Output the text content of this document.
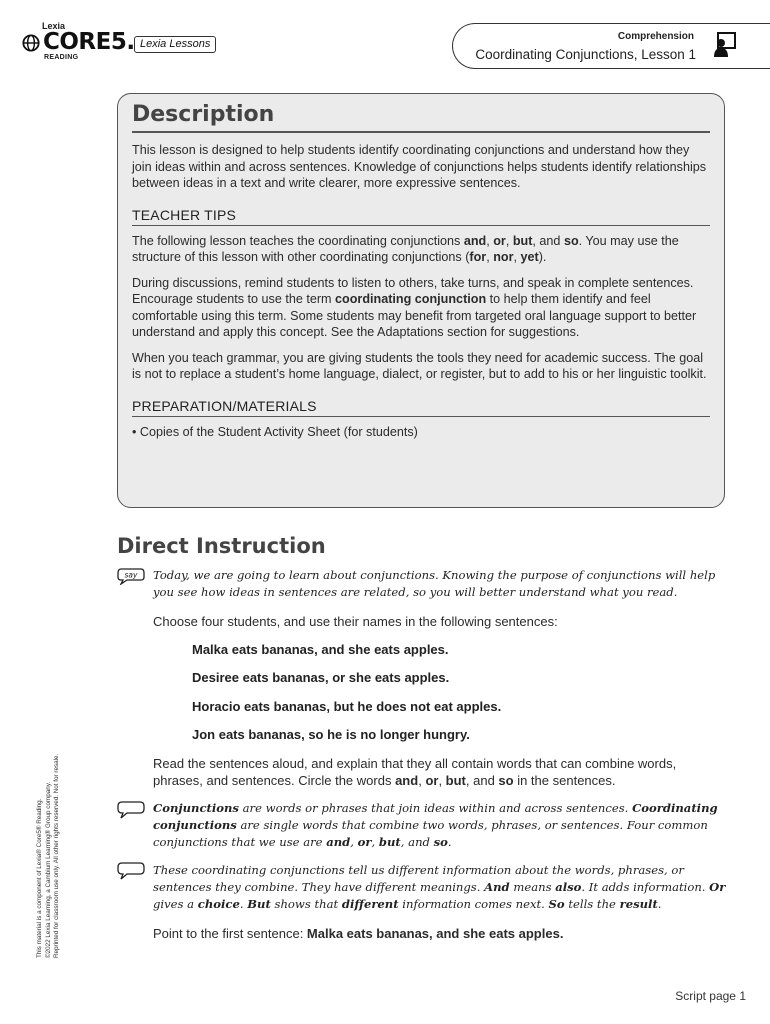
Lexia
CORE5.
READING
Lexia Lessons
Comprehension
Coordinating Conjunctions, Lesson 1
Description

This lesson is designed to help students identify coordinating conjunctions and understand how they join ideas within and across sentences. Knowledge of conjunctions helps students identify relationships between ideas in a text and write clearer, more expressive sentences.

TEACHER TIPS

The following lesson teaches the coordinating conjunctions and, or, but, and so. You may use the structure of this lesson with other coordinating conjunctions (for, nor, yet).

During discussions, remind students to listen to others, take turns, and speak in complete sentences. Encourage students to use the term coordinating conjunction to help them identify and feel comfortable using this term. Some students may benefit from targeted oral language support to better understand and apply this concept. See the Adaptations section for suggestions.

When you teach grammar, you are giving students the tools they need for academic success. The goal is not to replace a student’s home language, dialect, or register, but to add to his or her linguistic toolkit.

PREPARATION/MATERIALS

• Copies of the Student Activity Sheet (for students)

Direct Instruction
say Today, we are going to learn about conjunctions. Knowing the purpose of conjunctions will help you see how ideas in sentences are related, so you will better understand what you read.

Choose four students, and use their names in the following sentences:

Malka eats bananas, and she eats apples.
Desiree eats bananas, or she eats apples.
Horacio eats bananas, but he does not eat apples.
Jon eats bananas, so he is no longer hungry.

Read the sentences aloud, and explain that they all contain words that can combine words, phrases, and sentences. Circle the words and, or, but, and so in the sentences.

Conjunctions are words or phrases that join ideas within and across sentences. Coordinating conjunctions are single words that combine two words, phrases, or sentences. Four common conjunctions that we use are and, or, but, and so.

These coordinating conjunctions tell us different information about the words, phrases, or sentences they combine. They have different meanings. And means also. It adds information. Or gives a choice. But shows that different information comes next. So tells the result.

Point to the first sentence: Malka eats bananas, and she eats apples.

This material is a component of Lexia® Core5® Reading. ©2022 Lexia Learning, a Cambium Learning® Group company. Reprinted for classroom use only. All other rights reserved. Not for resale.
Script page 1
